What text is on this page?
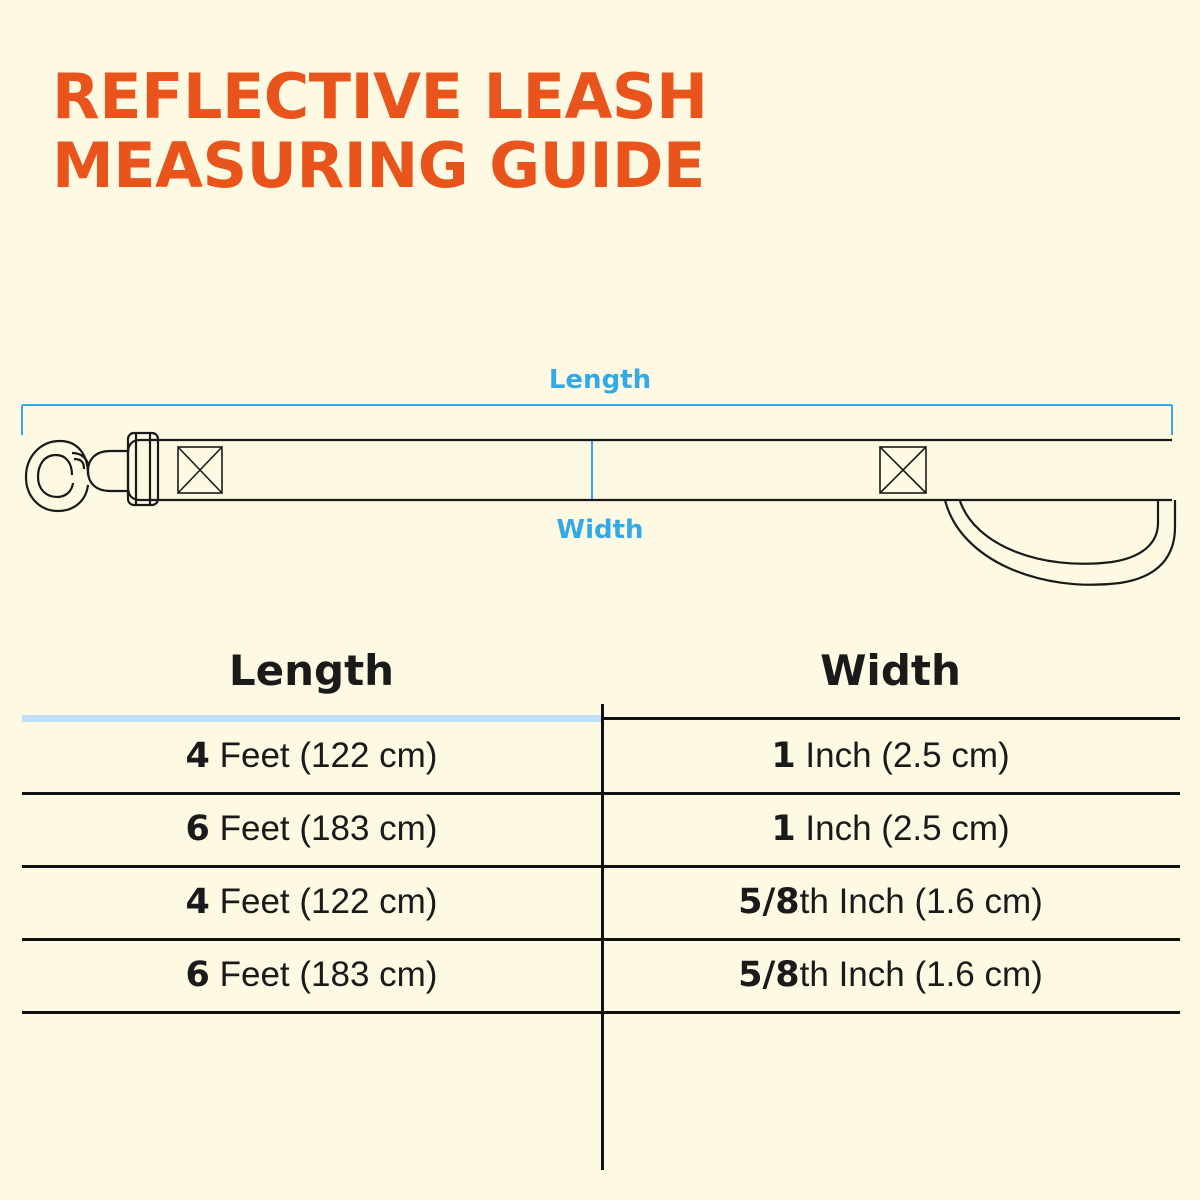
REFLECTIVE LEASH
MEASURING GUIDE
Length
Width
Length	Width
4 Feet (122 cm)	1 Inch (2.5 cm)
6 Feet (183 cm)	1 Inch (2.5 cm)
4 Feet (122 cm)	5/8th Inch (1.6 cm)
6 Feet (183 cm)	5/8th Inch (1.6 cm)
